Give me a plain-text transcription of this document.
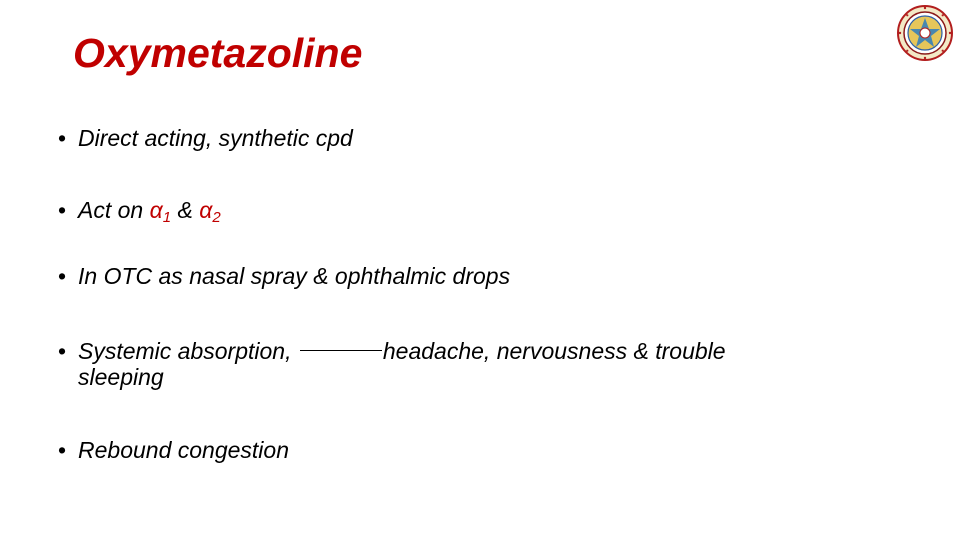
Oxymetazoline
• Direct acting, synthetic cpd
• Act on $\alpha_1$ & $\alpha_2$
• In OTC as nasal spray & ophthalmic drops
• Systemic absorption,	headache, nervousness & trouble
sleeping
• Rebound congestion
